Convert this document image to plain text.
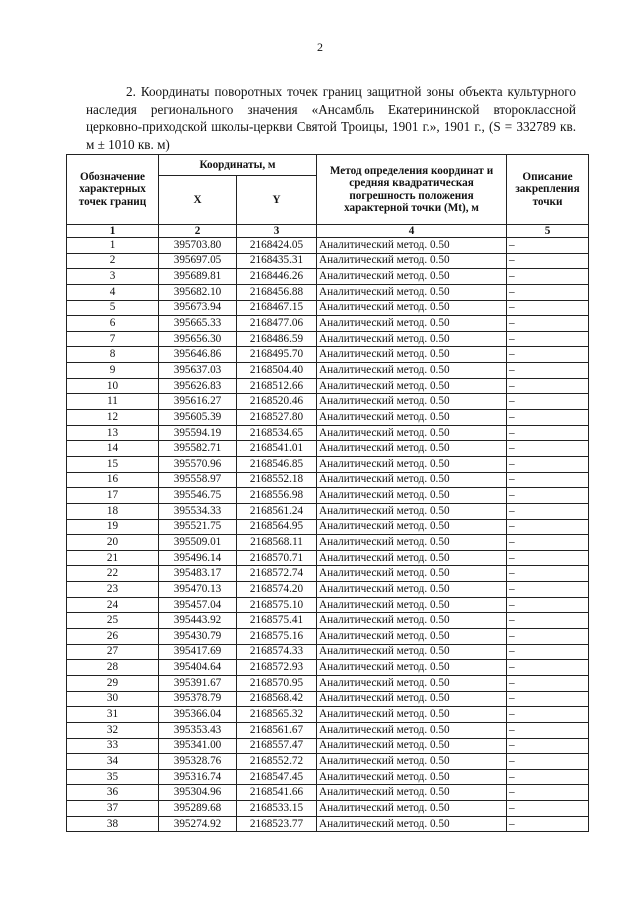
2

2. Координаты поворотных точек границ защитной зоны объекта культурного наследия регионального значения «Ансамбль Екатерининской второклассной церковно-приходской школы-церкви Святой Троицы, 1901 г.», 1901 г., (S = 332789 кв. м ± 1010 кв. м)

Обозначение характерных точек границ	Координаты, м		Метод определения координат и средняя квадратическая погрешность положения характерной точки (Mt), м	Описание закрепления точки
	X	Y		
1	2	3	4	5
1	395703.80	2168424.05	Аналитический метод. 0.50	–
2	395697.05	2168435.31	Аналитический метод. 0.50	–
3	395689.81	2168446.26	Аналитический метод. 0.50	–
4	395682.10	2168456.88	Аналитический метод. 0.50	–
5	395673.94	2168467.15	Аналитический метод. 0.50	–
6	395665.33	2168477.06	Аналитический метод. 0.50	–
7	395656.30	2168486.59	Аналитический метод. 0.50	–
8	395646.86	2168495.70	Аналитический метод. 0.50	–
9	395637.03	2168504.40	Аналитический метод. 0.50	–
10	395626.83	2168512.66	Аналитический метод. 0.50	–
11	395616.27	2168520.46	Аналитический метод. 0.50	–
12	395605.39	2168527.80	Аналитический метод. 0.50	–
13	395594.19	2168534.65	Аналитический метод. 0.50	–
14	395582.71	2168541.01	Аналитический метод. 0.50	–
15	395570.96	2168546.85	Аналитический метод. 0.50	–
16	395558.97	2168552.18	Аналитический метод. 0.50	–
17	395546.75	2168556.98	Аналитический метод. 0.50	–
18	395534.33	2168561.24	Аналитический метод. 0.50	–
19	395521.75	2168564.95	Аналитический метод. 0.50	–
20	395509.01	2168568.11	Аналитический метод. 0.50	–
21	395496.14	2168570.71	Аналитический метод. 0.50	–
22	395483.17	2168572.74	Аналитический метод. 0.50	–
23	395470.13	2168574.20	Аналитический метод. 0.50	–
24	395457.04	2168575.10	Аналитический метод. 0.50	–
25	395443.92	2168575.41	Аналитический метод. 0.50	–
26	395430.79	2168575.16	Аналитический метод. 0.50	–
27	395417.69	2168574.33	Аналитический метод. 0.50	–
28	395404.64	2168572.93	Аналитический метод. 0.50	–
29	395391.67	2168570.95	Аналитический метод. 0.50	–
30	395378.79	2168568.42	Аналитический метод. 0.50	–
31	395366.04	2168565.32	Аналитический метод. 0.50	–
32	395353.43	2168561.67	Аналитический метод. 0.50	–
33	395341.00	2168557.47	Аналитический метод. 0.50	–
34	395328.76	2168552.72	Аналитический метод. 0.50	–
35	395316.74	2168547.45	Аналитический метод. 0.50	–
36	395304.96	2168541.66	Аналитический метод. 0.50	–
37	395289.68	2168533.15	Аналитический метод. 0.50	–
38	395274.92	2168523.77	Аналитический метод. 0.50	–
